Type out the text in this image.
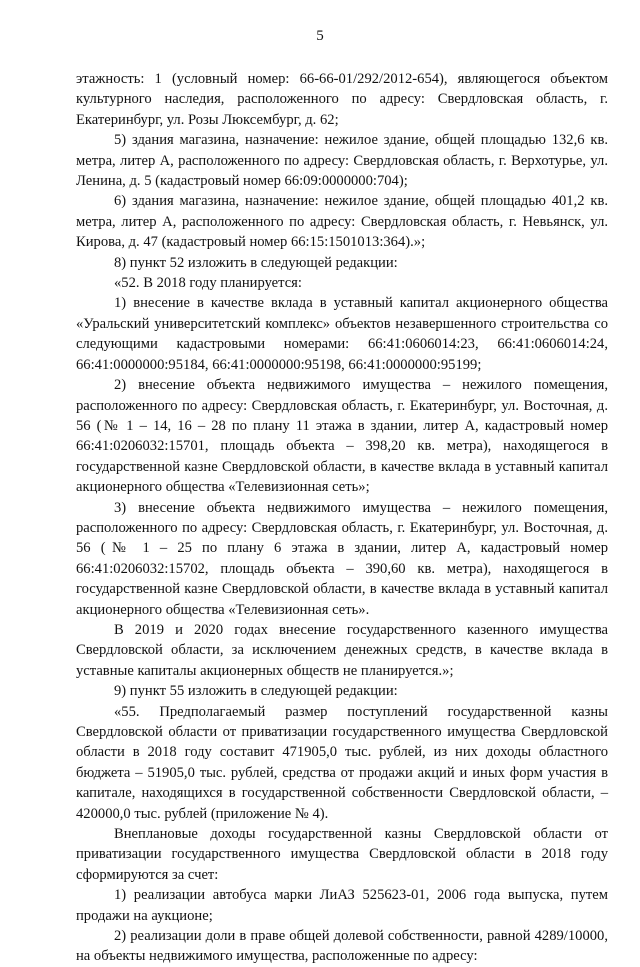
5

этажность: 1 (условный номер: 66-66-01/292/2012-654), являющегося объектом культурного наследия, расположенного по адресу: Свердловская область, г. Екатеринбург, ул. Розы Люксембург, д. 62;

5) здания магазина, назначение: нежилое здание, общей площадью 132,6 кв. метра, литер А, расположенного по адресу: Свердловская область, г. Верхотурье, ул. Ленина, д. 5 (кадастровый номер 66:09:0000000:704);

6) здания магазина, назначение: нежилое здание, общей площадью 401,2 кв. метра, литер А, расположенного по адресу: Свердловская область, г. Невьянск, ул. Кирова, д. 47 (кадастровый номер 66:15:1501013:364).»;

8) пункт 52 изложить в следующей редакции:

«52. В 2018 году планируется:

1) внесение в качестве вклада в уставный капитал акционерного общества «Уральский университетский комплекс» объектов незавершенного строительства со следующими кадастровыми номерами: 66:41:0606014:23, 66:41:0606014:24, 66:41:0000000:95184, 66:41:0000000:95198, 66:41:0000000:95199;

2) внесение объекта недвижимого имущества – нежилого помещения, расположенного по адресу: Свердловская область, г. Екатеринбург, ул. Восточная, д. 56 (№ 1 – 14, 16 – 28 по плану 11 этажа в здании, литер А, кадастровый номер 66:41:0206032:15701, площадь объекта – 398,20 кв. метра), находящегося в государственной казне Свердловской области, в качестве вклада в уставный капитал акционерного общества «Телевизионная сеть»;

3) внесение объекта недвижимого имущества – нежилого помещения, расположенного по адресу: Свердловская область, г. Екатеринбург, ул. Восточная, д. 56 (№ 1 – 25 по плану 6 этажа в здании, литер А, кадастровый номер 66:41:0206032:15702, площадь объекта – 390,60 кв. метра), находящегося в государственной казне Свердловской области, в качестве вклада в уставный капитал акционерного общества «Телевизионная сеть».

В 2019 и 2020 годах внесение государственного казенного имущества Свердловской области, за исключением денежных средств, в качестве вклада в уставные капиталы акционерных обществ не планируется.»;

9) пункт 55 изложить в следующей редакции:

«55. Предполагаемый размер поступлений государственной казны Свердловской области от приватизации государственного имущества Свердловской области в 2018 году составит 471905,0 тыс. рублей, из них доходы областного бюджета – 51905,0 тыс. рублей, средства от продажи акций и иных форм участия в капитале, находящихся в государственной собственности Свердловской области, – 420000,0 тыс. рублей (приложение № 4).

Внеплановые доходы государственной казны Свердловской области от приватизации государственного имущества Свердловской области в 2018 году сформируются за счет:

1) реализации автобуса марки ЛиАЗ 525623-01, 2006 года выпуска, путем продажи на аукционе;

2) реализации доли в праве общей долевой собственности, равной 4289/10000, на объекты недвижимого имущества, расположенные по адресу:
